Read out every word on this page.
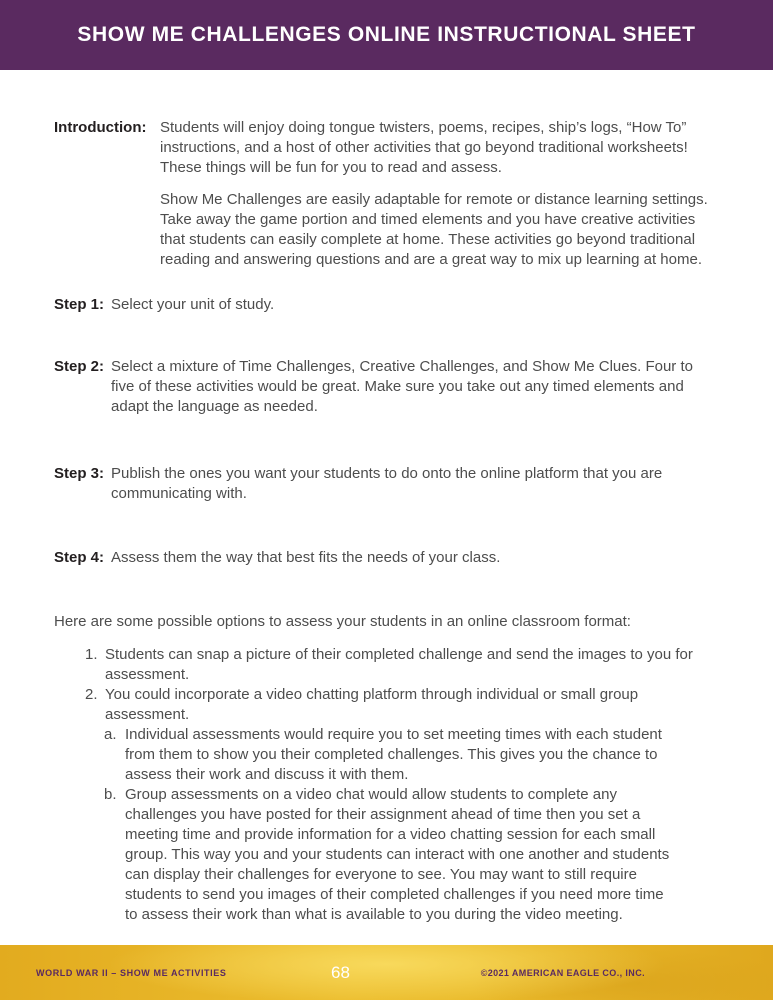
SHOW ME CHALLENGES ONLINE INSTRUCTIONAL SHEET
Introduction: Students will enjoy doing tongue twisters, poems, recipes, ship’s logs, “How To” instructions, and a host of other activities that go beyond traditional worksheets! These things will be fun for you to read and assess.

Show Me Challenges are easily adaptable for remote or distance learning settings. Take away the game portion and timed elements and you have creative activities that students can easily complete at home. These activities go beyond traditional reading and answering questions and are a great way to mix up learning at home.

Step 1: Select your unit of study.
Step 2: Select a mixture of Time Challenges, Creative Challenges, and Show Me Clues. Four to five of these activities would be great. Make sure you take out any timed elements and adapt the language as needed.
Step 3: Publish the ones you want your students to do onto the online platform that you are communicating with.
Step 4: Assess them the way that best fits the needs of your class.

Here are some possible options to assess your students in an online classroom format:

1. Students can snap a picture of their completed challenge and send the images to you for assessment.
2. You could incorporate a video chatting platform through individual or small group assessment.
a. Individual assessments would require you to set meeting times with each student from them to show you their completed challenges. This gives you the chance to assess their work and discuss it with them.
b. Group assessments on a video chat would allow students to complete any challenges you have posted for their assignment ahead of time then you set a meeting time and provide information for a video chatting session for each small group. This way you and your students can interact with one another and students can display their challenges for everyone to see. You may want to still require students to send you images of their completed challenges if you need more time to assess their work than what is available to you during the video meeting.
WORLD WAR II – SHOW ME ACTIVITIES	68	©2021 AMERICAN EAGLE CO., INC.
